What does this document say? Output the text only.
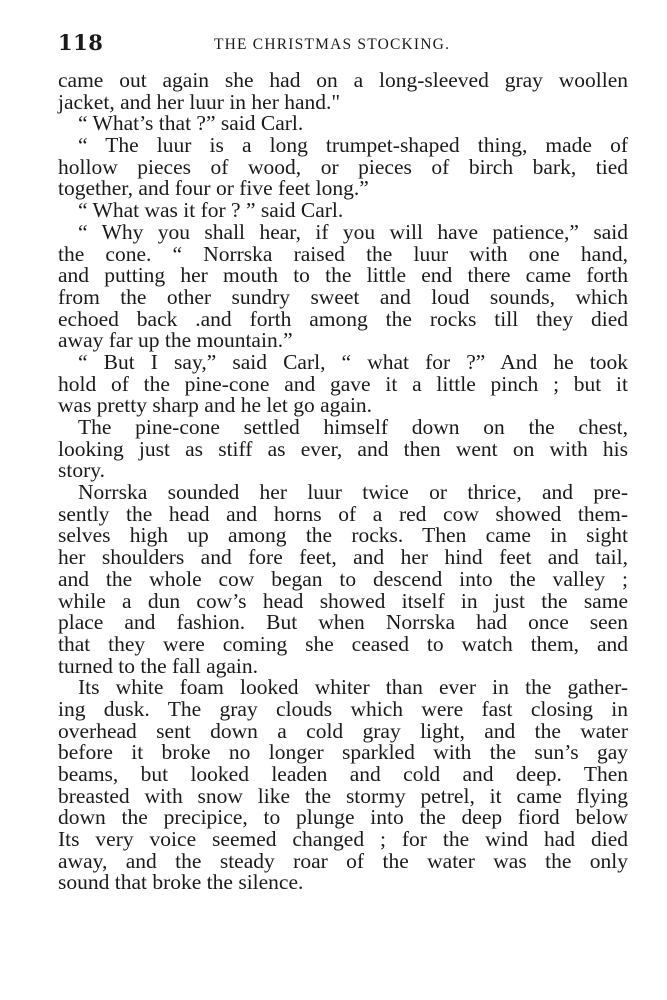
118	THE CHRISTMAS STOCKING.
came out again she had on a long-sleeved gray woollen
jacket, and her luur in her hand."
“ What’s that ?” said Carl.
“ The luur is a long trumpet-shaped thing, made of
hollow pieces of wood, or pieces of birch bark, tied
together, and four or five feet long.”
“ What was it for ? ” said Carl.
“ Why you shall hear, if you will have patience,” said
the cone. “ Norrska raised the luur with one hand,
and putting her mouth to the little end there came forth
from the other sundry sweet and loud sounds, which
echoed back .and forth among the rocks till they died
away far up the mountain.”
“ But I say,” said Carl, “ what for ?” And he took
hold of the pine-cone and gave it a little pinch ; but it
was pretty sharp and he let go again.
The pine-cone settled himself down on the chest,
looking just as stiff as ever, and then went on with his
story.
Norrska sounded her luur twice or thrice, and pre-
sently the head and horns of a red cow showed them-
selves high up among the rocks. Then came in sight
her shoulders and fore feet, and her hind feet and tail,
and the whole cow began to descend into the valley ;
while a dun cow’s head showed itself in just the same
place and fashion. But when Norrska had once seen
that they were coming she ceased to watch them, and
turned to the fall again.
Its white foam looked whiter than ever in the gather-
ing dusk. The gray clouds which were fast closing in
overhead sent down a cold gray light, and the water
before it broke no longer sparkled with the sun’s gay
beams, but looked leaden and cold and deep. Then
breasted with snow like the stormy petrel, it came flying
down the precipice, to plunge into the deep fiord below
Its very voice seemed changed ; for the wind had died
away, and the steady roar of the water was the only
sound that broke the silence.
